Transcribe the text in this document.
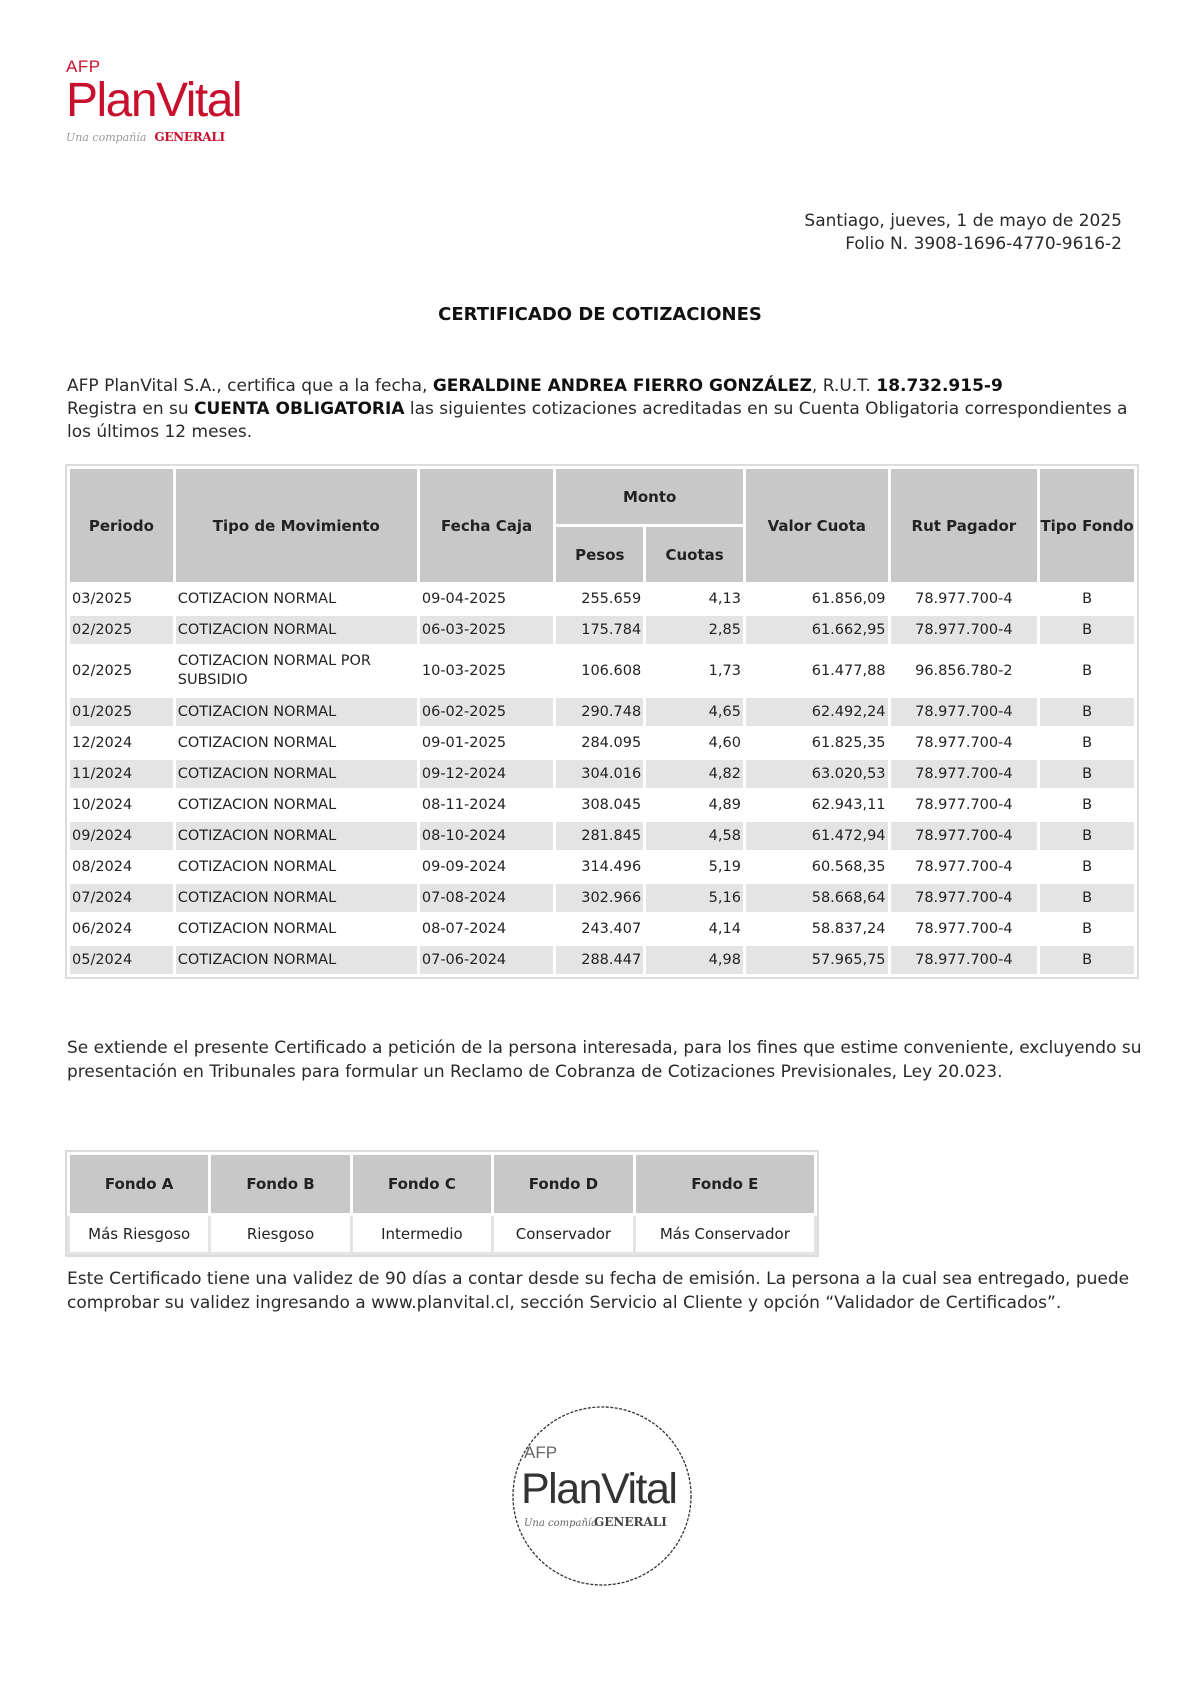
AFP
PlanVital
Una compañía GENERALI
Santiago, jueves, 1 de mayo de 2025
Folio N. 3908-1696-4770-9616-2
CERTIFICADO DE COTIZACIONES
AFP PlanVital S.A., certifica que a la fecha, GERALDINE ANDREA FIERRO GONZÁLEZ, R.U.T. 18.732.915-9
Registra en su CUENTA OBLIGATORIA las siguientes cotizaciones acreditadas en su Cuenta Obligatoria correspondientes a los últimos 12 meses.
Periodo	Tipo de Movimiento	Fecha Caja	Monto		Valor Cuota	Rut Pagador	Tipo Fondo
			Pesos	Cuotas			
03/2025	COTIZACION NORMAL	09-04-2025	255.659	4,13	61.856,09	78.977.700-4	B
02/2025	COTIZACION NORMAL	06-03-2025	175.784	2,85	61.662,95	78.977.700-4	B
02/2025	COTIZACION NORMAL POR SUBSIDIO	10-03-2025	106.608	1,73	61.477,88	96.856.780-2	B
01/2025	COTIZACION NORMAL	06-02-2025	290.748	4,65	62.492,24	78.977.700-4	B
12/2024	COTIZACION NORMAL	09-01-2025	284.095	4,60	61.825,35	78.977.700-4	B
11/2024	COTIZACION NORMAL	09-12-2024	304.016	4,82	63.020,53	78.977.700-4	B
10/2024	COTIZACION NORMAL	08-11-2024	308.045	4,89	62.943,11	78.977.700-4	B
09/2024	COTIZACION NORMAL	08-10-2024	281.845	4,58	61.472,94	78.977.700-4	B
08/2024	COTIZACION NORMAL	09-09-2024	314.496	5,19	60.568,35	78.977.700-4	B
07/2024	COTIZACION NORMAL	07-08-2024	302.966	5,16	58.668,64	78.977.700-4	B
06/2024	COTIZACION NORMAL	08-07-2024	243.407	4,14	58.837,24	78.977.700-4	B
05/2024	COTIZACION NORMAL	07-06-2024	288.447	4,98	57.965,75	78.977.700-4	B
Se extiende el presente Certificado a petición de la persona interesada, para los fines que estime conveniente, excluyendo su presentación en Tribunales para formular un Reclamo de Cobranza de Cotizaciones Previsionales, Ley 20.023.
Fondo A	Fondo B	Fondo C	Fondo D	Fondo E
Más Riesgoso	Riesgoso	Intermedio	Conservador	Más Conservador
Este Certificado tiene una validez de 90 días a contar desde su fecha de emisión. La persona a la cual sea entregado, puede comprobar su validez ingresando a www.planvital.cl, sección Servicio al Cliente y opción “Validador de Certificados”.
AFP
PlanVital
Una compañía
GENERALI
